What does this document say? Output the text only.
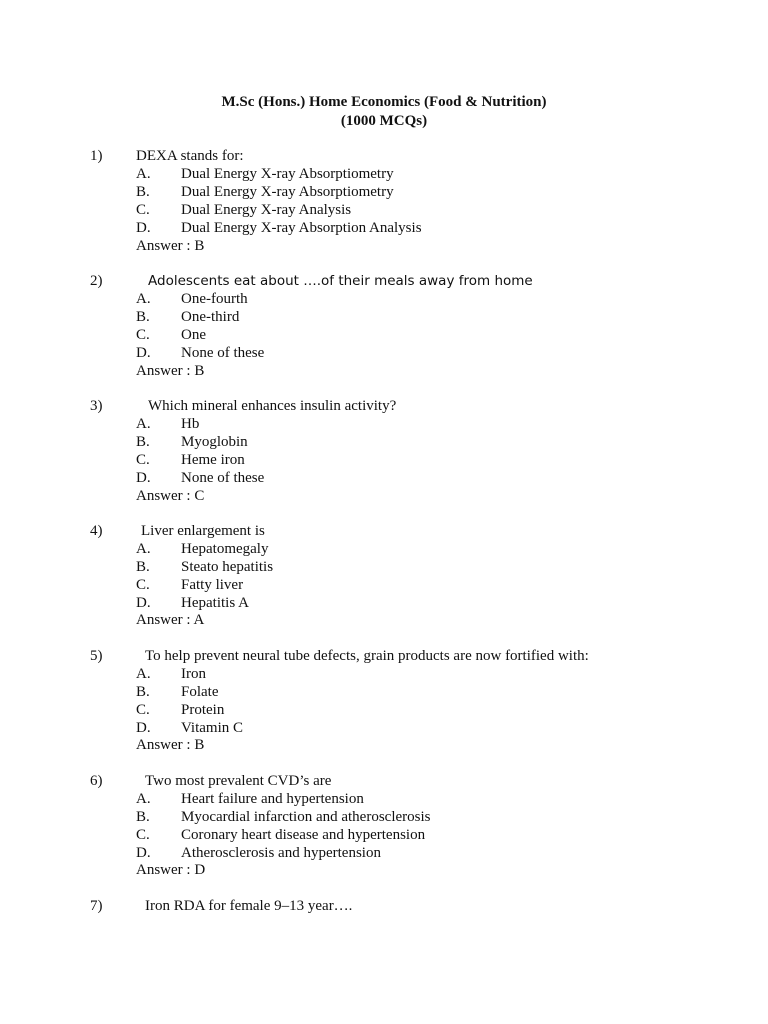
M.Sc (Hons.) Home Economics (Food & Nutrition)
(1000 MCQs)
1) DEXA stands for:
A. Dual Energy X-ray Absorptiometry
B. Dual Energy X-ray Absorptiometry
C. Dual Energy X-ray Analysis
D. Dual Energy X-ray Absorption Analysis
Answer : B
2)	Adolescents eat about ….of their meals away from home
A. One-fourth
B. One-third
C. One
D. None of these
Answer : B
3)	Which mineral enhances insulin activity?
A. Hb
B. Myoglobin
C. Heme iron
D. None of these
Answer : C
4)	Liver enlargement is
A. Hepatomegaly
B. Steato hepatitis
C. Fatty liver
D. Hepatitis A
Answer : A
5)	To help prevent neural tube defects, grain products are now fortified with:
A. Iron
B. Folate
C. Protein
D. Vitamin C
Answer : B
6)	Two most prevalent CVD’s are
A. Heart failure and hypertension
B. Myocardial infarction and atherosclerosis
C. Coronary heart disease and hypertension
D. Atherosclerosis and hypertension
Answer : D
7)	Iron RDA for female 9–13 year….
